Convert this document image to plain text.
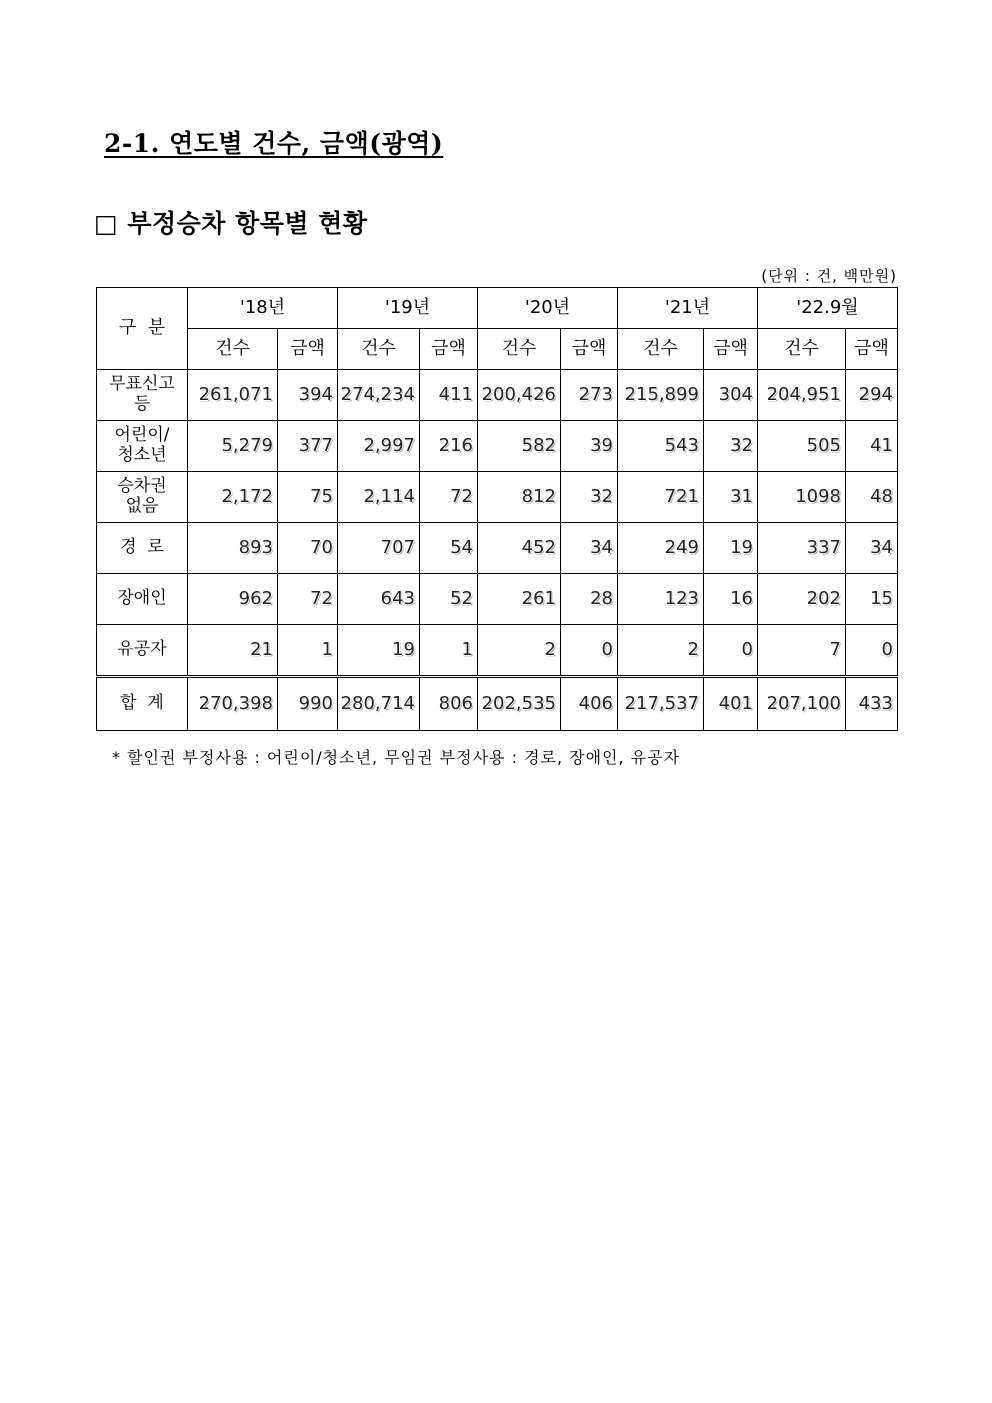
2-1. 연도별 건수, 금액(광역)
□ 부정승차 항목별 현황
(단위 : 건, 백만원)
구  분	'18년		'19년		'20년		'21년		'22.9월	
	건수	금액	건수	금액	건수	금액	건수	금액	건수	금액
무표신고
등	261,071	394	274,234	411	200,426	273	215,899	304	204,951	294
어린이/
청소년	5,279	377	2,997	216	582	39	543	32	505	41
승차권
없음	2,172	75	2,114	72	812	32	721	31	1098	48
경  로	893	70	707	54	452	34	249	19	337	34
장애인	962	72	643	52	261	28	123	16	202	15
유공자	21	1	19	1	2	0	2	0	7	0
합  계	270,398	990	280,714	806	202,535	406	217,537	401	207,100	433
* 할인권 부정사용 : 어린이/청소년, 무임권 부정사용 : 경로, 장애인, 유공자
